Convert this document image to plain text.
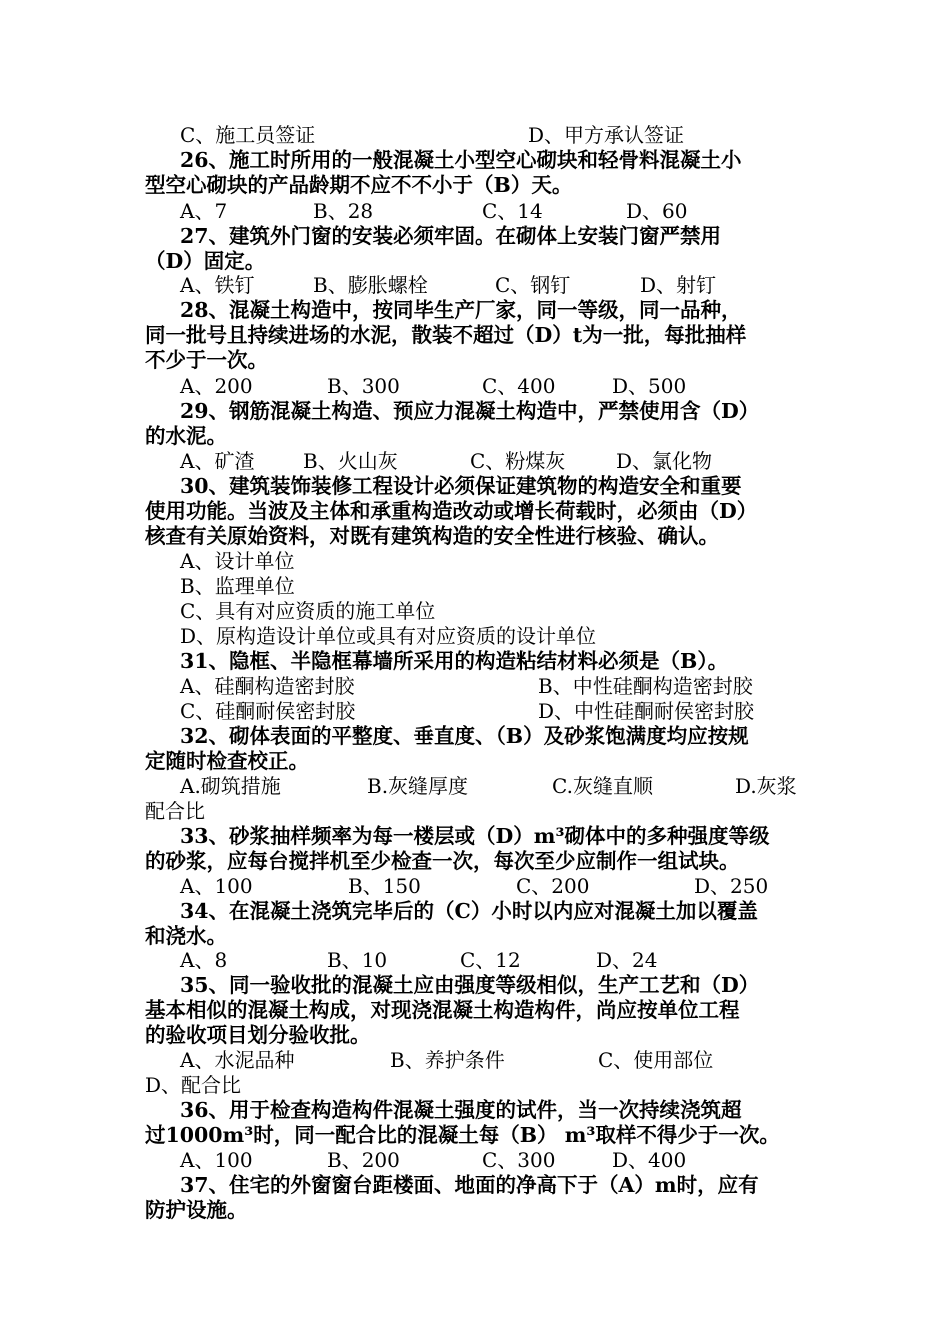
C、施工员签证	D、甲方承认签证
26、施工时所用的一般混凝土小型空心砌块和轻骨料混凝土小
型空心砌块的产品龄期不应不不小于（B）天。
A、7	B、28	C、14	D、60
27、建筑外门窗的安装必须牢固。在砌体上安装门窗严禁用
（D）固定。
A、铁钉	B、膨胀螺栓	C、钢钉	D、射钉
28、混凝土构造中，按同毕生产厂家，同一等级，同一品种，
同一批号且持续进场的水泥，散装不超过（D）t为一批，每批抽样
不少于一次。
A、200	B、300	C、400	D、500
29、钢筋混凝土构造、预应力混凝土构造中，严禁使用含（D）
的水泥。
A、矿渣 B、火山灰	C、粉煤灰	D、氯化物
30、建筑装饰装修工程设计必须保证建筑物的构造安全和重要
使用功能。当波及主体和承重构造改动或增长荷载时，必须由（D）
核查有关原始资料，对既有建筑构造的安全性进行核验、确认。
A、设计单位
B、监理单位
C、具有对应资质的施工单位
D、原构造设计单位或具有对应资质的设计单位
31、隐框、半隐框幕墙所采用的构造粘结材料必须是（B）。
A、硅酮构造密封胶	B、中性硅酮构造密封胶
C、硅酮耐侯密封胶	D、中性硅酮耐侯密封胶
32、砌体表面的平整度、垂直度、（B）及砂浆饱满度均应按规
定随时检查校正。
A.砌筑措施	B.灰缝厚度	C.灰缝直顺	D.灰浆
配合比
33、砂浆抽样频率为每一楼层或（D）m³砌体中的多种强度等级
的砂浆，应每台搅拌机至少检查一次，每次至少应制作一组试块。
A、100	B、150	C、200	D、250
34、在混凝土浇筑完毕后的（C）小时以内应对混凝土加以覆盖
和浇水。
A、8	B、10	C、12	D、24
35、同一验收批的混凝土应由强度等级相似，生产工艺和（D）
基本相似的混凝土构成，对现浇混凝土构造构件，尚应按单位工程
的验收项目划分验收批。
A、水泥品种	B、养护条件	C、使用部位
D、配合比
36、用于检查构造构件混凝土强度的试件，当一次持续浇筑超
过1000m³时，同一配合比的混凝土每（B） m³取样不得少于一次。
A、100	B、200	C、300	D、400
37、住宅的外窗窗台距楼面、地面的净高下于（A）m时，应有
防护设施。
